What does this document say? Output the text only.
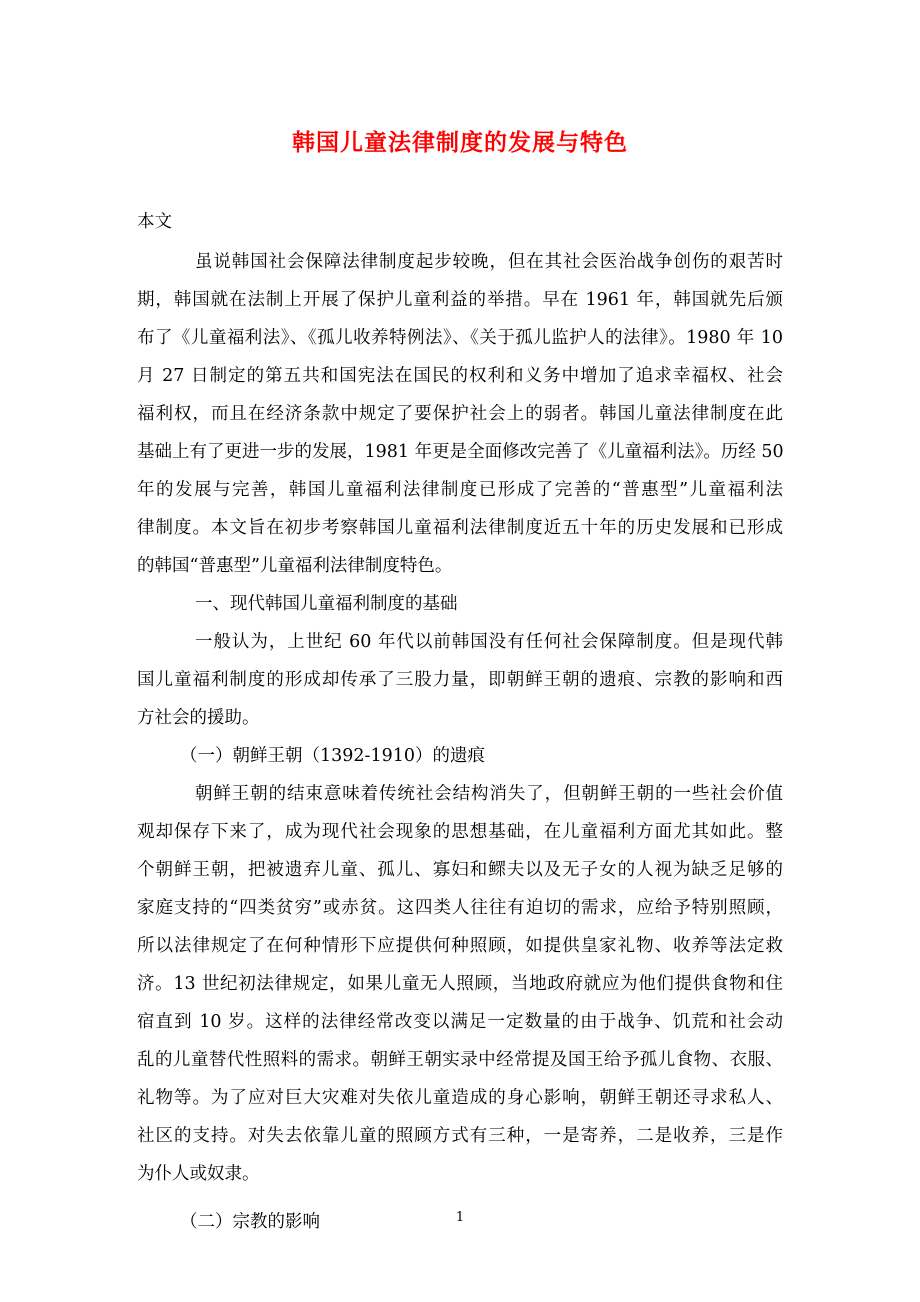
韩国儿童法律制度的发展与特色
本文
虽说韩国社会保障法律制度起步较晚，但在其社会医治战争创伤的艰苦时
期，韩国就在法制上开展了保护儿童利益的举措。早在 1961 年，韩国就先后颁
布了《儿童福利法》、《孤儿收养特例法》、《关于孤儿监护人的法律》。1980 年 10
月 27 日制定的第五共和国宪法在国民的权利和义务中增加了追求幸福权、社会
福利权，而且在经济条款中规定了要保护社会上的弱者。韩国儿童法律制度在此
基础上有了更进一步的发展，1981 年更是全面修改完善了《儿童福利法》。历经 50
年的发展与完善，韩国儿童福利法律制度已形成了完善的“普惠型”儿童福利法
律制度。本文旨在初步考察韩国儿童福利法律制度近五十年的历史发展和已形成
的韩国“普惠型”儿童福利法律制度特色。
一、现代韩国儿童福利制度的基础
一般认为，上世纪 60 年代以前韩国没有任何社会保障制度。但是现代韩
国儿童福利制度的形成却传承了三股力量，即朝鲜王朝的遗痕、宗教的影响和西
方社会的援助。
（一）朝鲜王朝（1392-1910）的遗痕
朝鲜王朝的结束意味着传统社会结构消失了，但朝鲜王朝的一些社会价值
观却保存下来了，成为现代社会现象的思想基础，在儿童福利方面尤其如此。整
个朝鲜王朝，把被遗弃儿童、孤儿、寡妇和鳏夫以及无子女的人视为缺乏足够的
家庭支持的“四类贫穷”或赤贫。这四类人往往有迫切的需求，应给予特别照顾，
所以法律规定了在何种情形下应提供何种照顾，如提供皇家礼物、收养等法定救
济。13 世纪初法律规定，如果儿童无人照顾，当地政府就应为他们提供食物和住
宿直到 10 岁。这样的法律经常改变以满足一定数量的由于战争、饥荒和社会动
乱的儿童替代性照料的需求。朝鲜王朝实录中经常提及国王给予孤儿食物、衣服、
礼物等。为了应对巨大灾难对失依儿童造成的身心影响，朝鲜王朝还寻求私人、
社区的支持。对失去依靠儿童的照顾方式有三种，一是寄养，二是收养，三是作
为仆人或奴隶。
（二）宗教的影响	1
